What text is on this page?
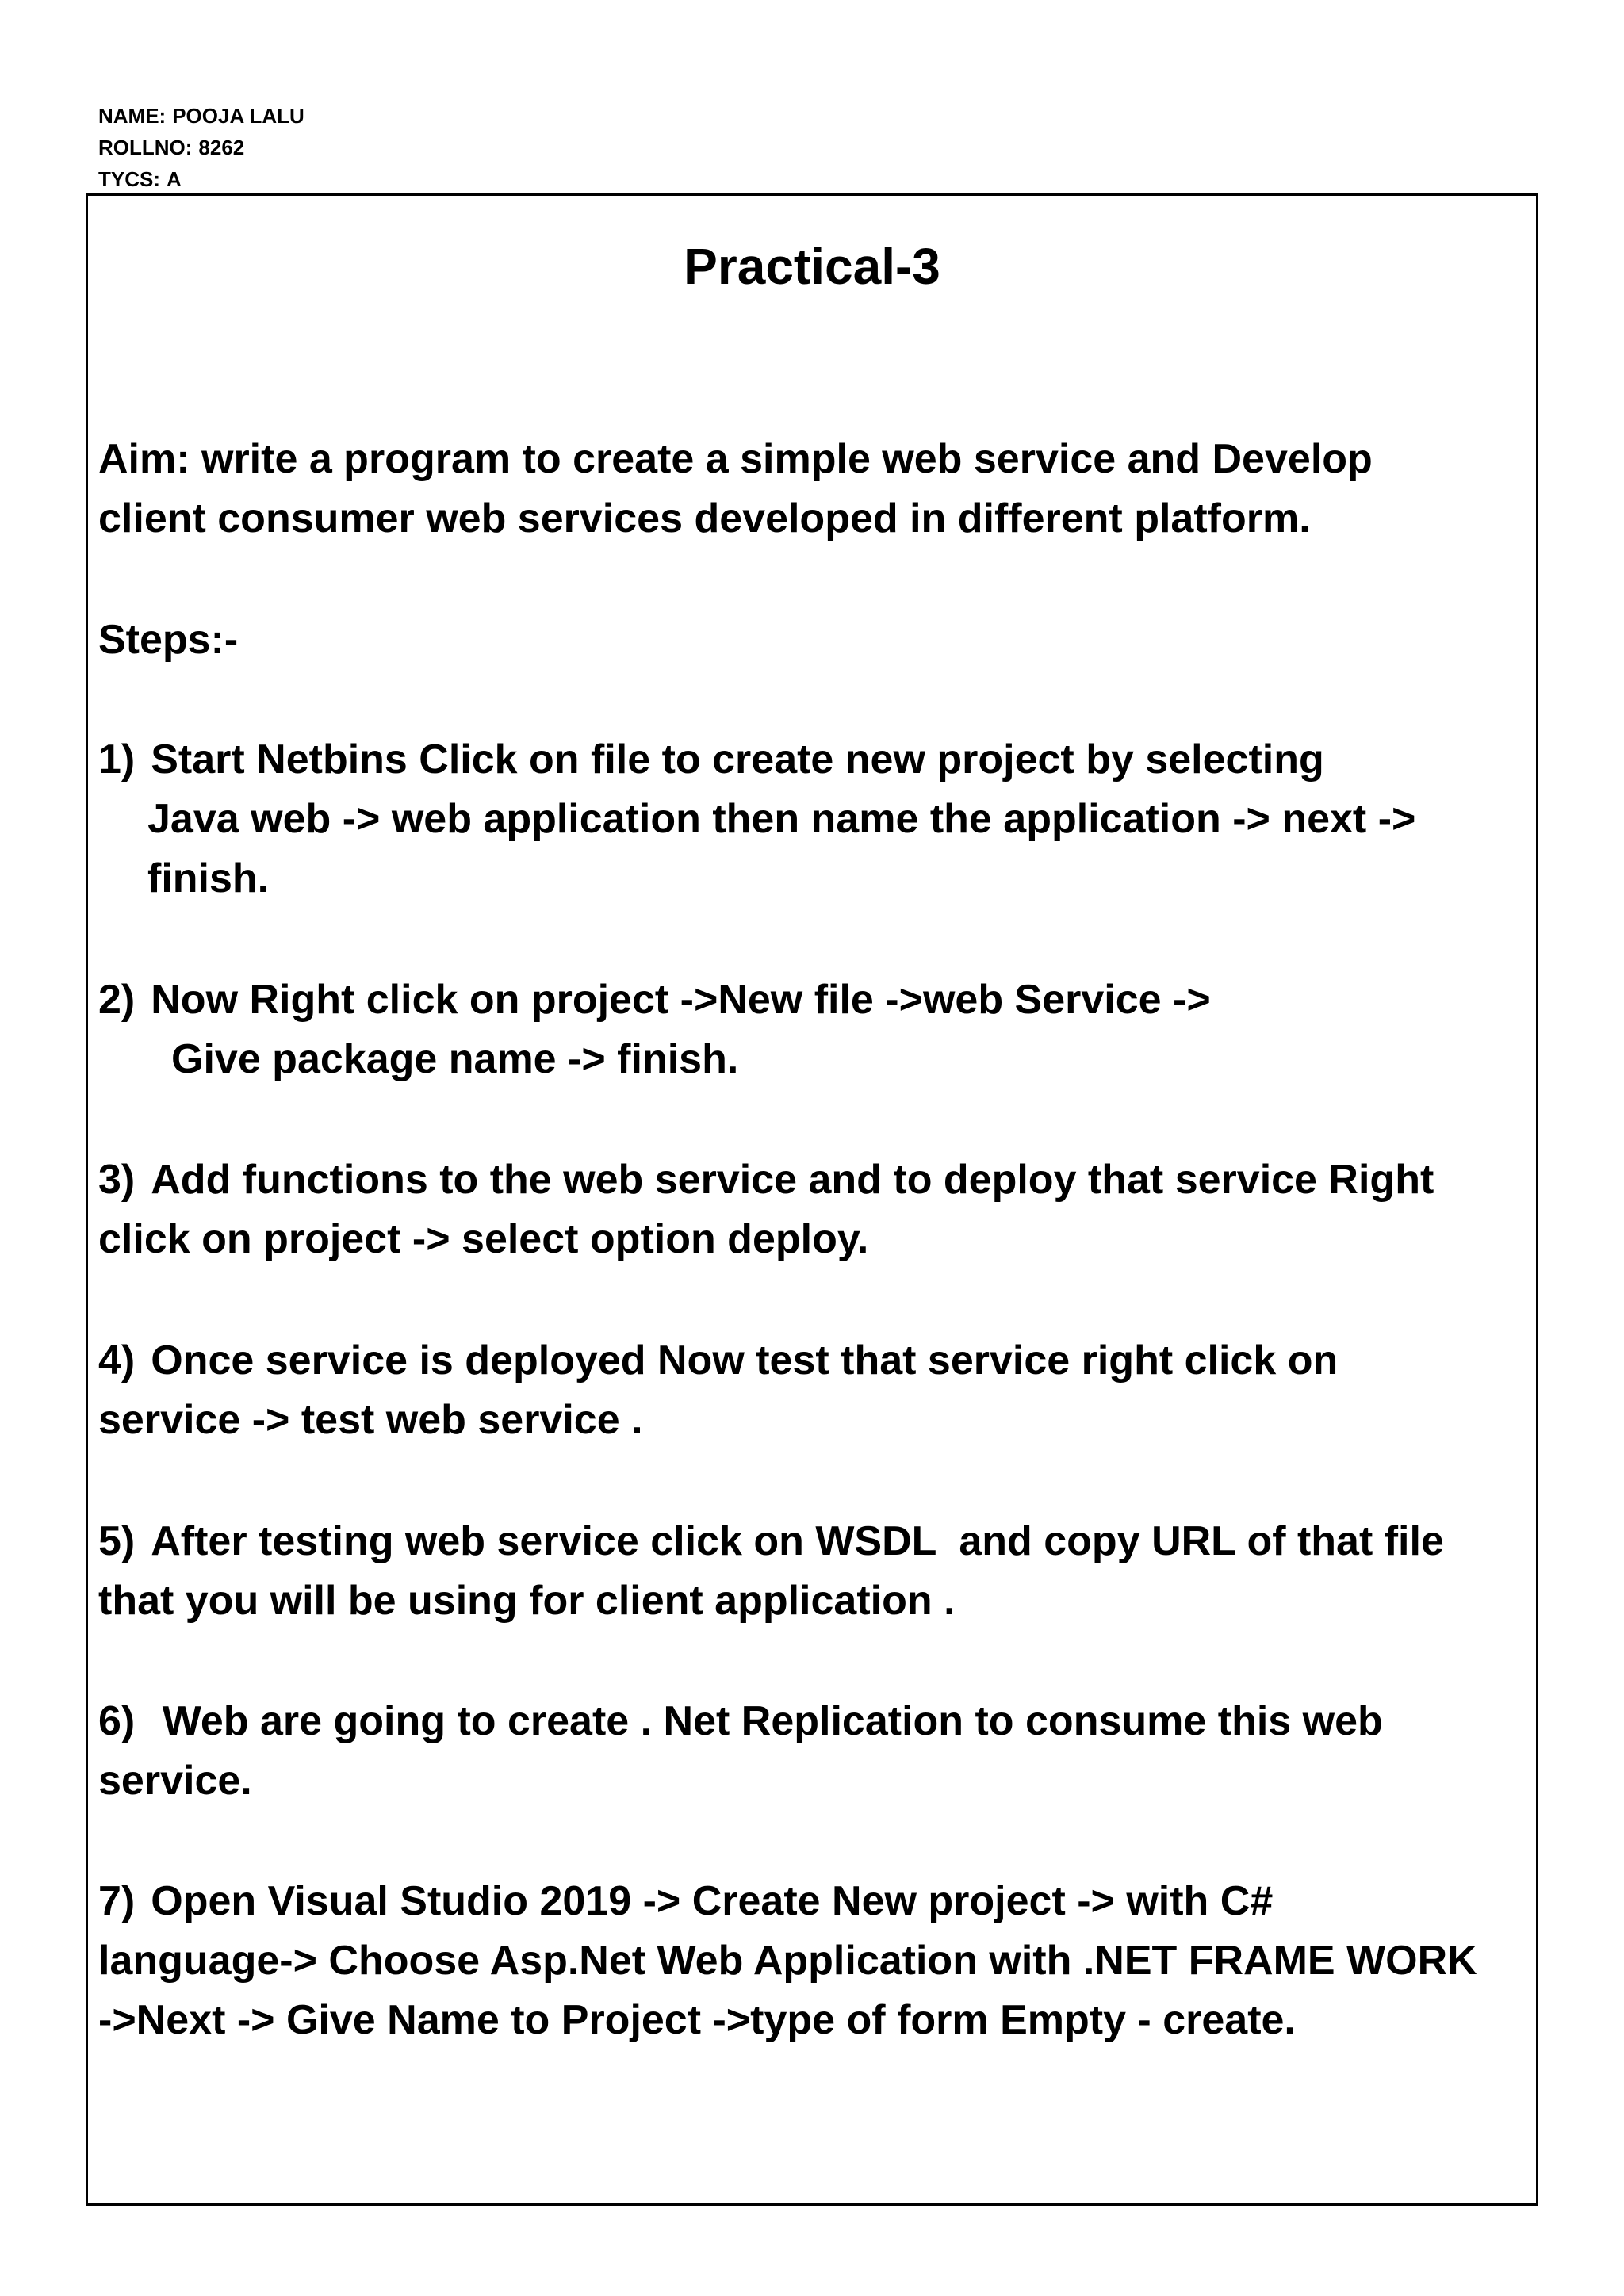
NAME: POOJA LALU
ROLLNO: 8262
TYCS: A
Practical-3
Aim: write a program to create a simple web service and Develop
client consumer web services developed in different platform.
Steps:-
1) Start Netbins Click on file to create new project by selecting
Java web -> web application then name the application -> next ->
finish.
2) Now Right click on project ->New file ->web Service ->
Give package name -> finish.
3) Add functions to the web service and to deploy that service Right
click on project -> select option deploy.
4) Once service is deployed Now test that service right click on
service -> test web service .
5) After testing web service click on WSDL  and copy URL of that file
that you will be using for client application .
6) Web are going to create . Net Replication to consume this web
service.
7) Open Visual Studio 2019 -> Create New project -> with C#
language-> Choose Asp.Net Web Application with .NET FRAME WORK
->Next -> Give Name to Project ->type of form Empty - create.
